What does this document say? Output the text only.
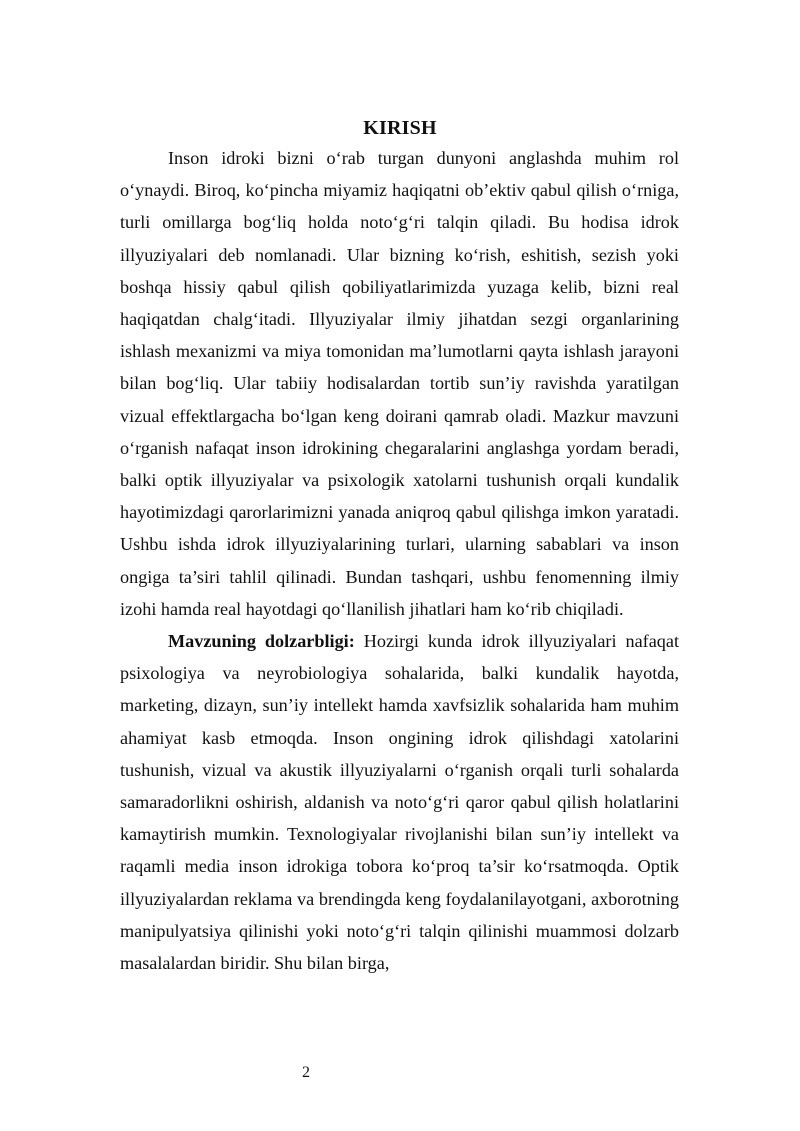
KIRISH

Inson idroki bizni o‘rab turgan dunyoni anglashda muhim rol o‘ynaydi. Biroq, ko‘pincha miyamiz haqiqatni ob’ektiv qabul qilish o‘rniga, turli omillarga bog‘liq holda noto‘g‘ri talqin qiladi. Bu hodisa idrok illyuziyalari deb nomlanadi. Ular bizning ko‘rish, eshitish, sezish yoki boshqa hissiy qabul qilish qobiliyatlarimizda yuzaga kelib, bizni real haqiqatdan chalg‘itadi. Illyuziyalar ilmiy jihatdan sezgi organlarining ishlash mexanizmi va miya tomonidan ma’lumotlarni qayta ishlash jarayoni bilan bog‘liq. Ular tabiiy hodisalardan tortib sun’iy ravishda yaratilgan vizual effektlargacha bo‘lgan keng doirani qamrab oladi. Mazkur mavzuni o‘rganish nafaqat inson idrokining chegaralarini anglashga yordam beradi, balki optik illyuziyalar va psixologik xatolarni tushunish orqali kundalik hayotimizdagi qarorlarimizni yanada aniqroq qabul qilishga imkon yaratadi. Ushbu ishda idrok illyuziyalarining turlari, ularning sabablari va inson ongiga ta’siri tahlil qilinadi. Bundan tashqari, ushbu fenomenning ilmiy izohi hamda real hayotdagi qo‘llanilish jihatlari ham ko‘rib chiqiladi.

Mavzuning dolzarbligi: Hozirgi kunda idrok illyuziyalari nafaqat psixologiya va neyrobiologiya sohalarida, balki kundalik hayotda, marketing, dizayn, sun’iy intellekt hamda xavfsizlik sohalarida ham muhim ahamiyat kasb etmoqda. Inson ongining idrok qilishdagi xatolarini tushunish, vizual va akustik illyuziyalarni o‘rganish orqali turli sohalarda samaradorlikni oshirish, aldanish va noto‘g‘ri qaror qabul qilish holatlarini kamaytirish mumkin. Texnologiyalar rivojlanishi bilan sun’iy intellekt va raqamli media inson idrokiga tobora ko‘proq ta’sir ko‘rsatmoqda. Optik illyuziyalardan reklama va brendingda keng foydalanilayotgani, axborotning manipulyatsiya qilinishi yoki noto‘g‘ri talqin qilinishi muammosi dolzarb masalalardan biridir. Shu bilan birga,

2
